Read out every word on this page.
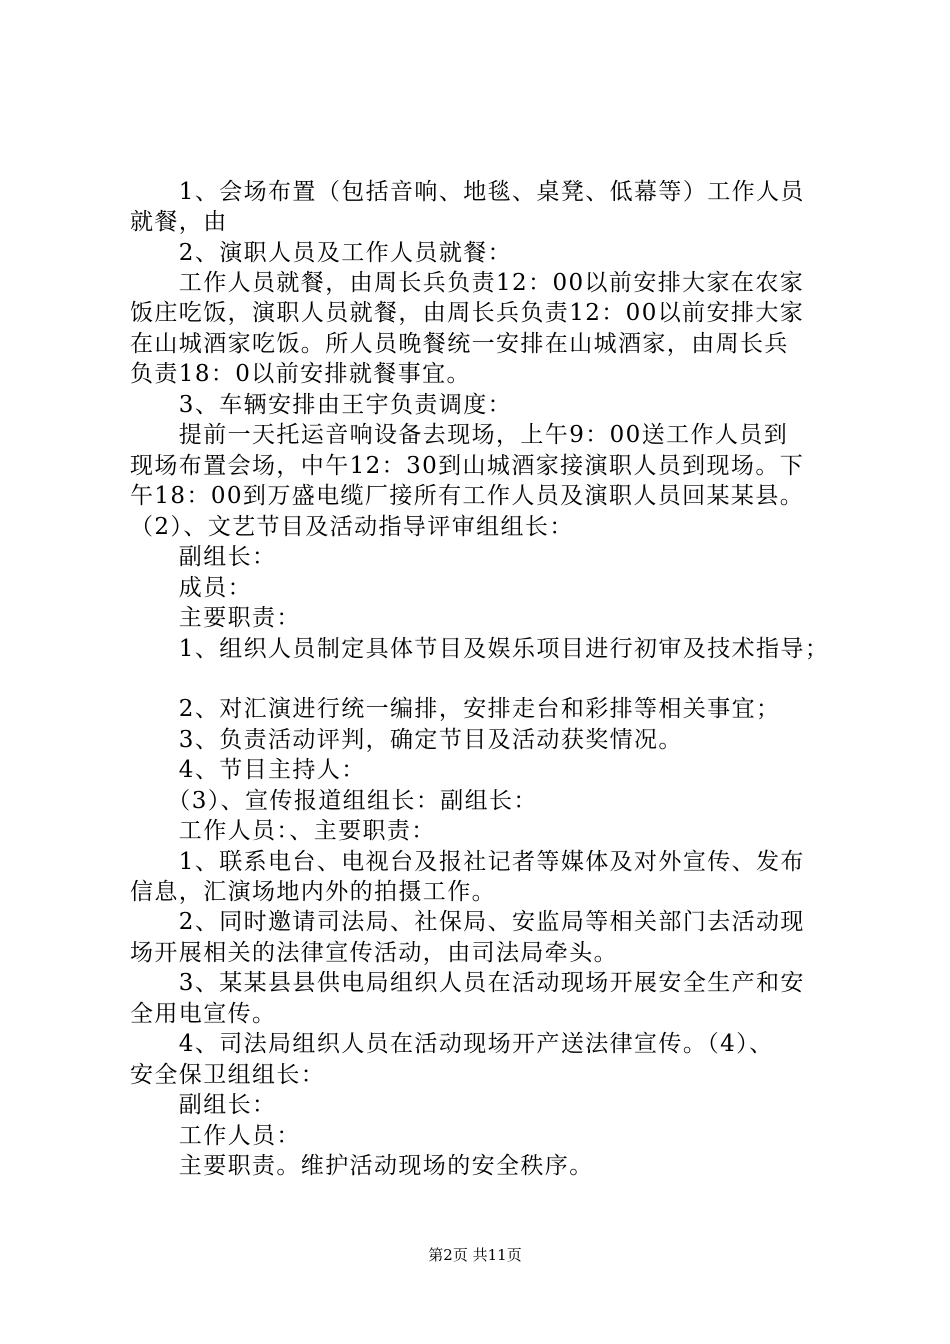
　　1、会场布置（包括音响、地毯、桌凳、低幕等）工作人员
就餐，由
　　2、演职人员及工作人员就餐：
　　工作人员就餐，由周长兵负责12：00以前安排大家在农家
饭庄吃饭，演职人员就餐，由周长兵负责12：00以前安排大家
在山城酒家吃饭。所人员晚餐统一安排在山城酒家，由周长兵
负责18：0以前安排就餐事宜。
　　3、车辆安排由王宇负责调度：
　　提前一天托运音响设备去现场，上午9：00送工作人员到
现场布置会场，中午12：30到山城酒家接演职人员到现场。下
午18：00到万盛电缆厂接所有工作人员及演职人员回某某县。
（2）、文艺节目及活动指导评审组组长：
　　副组长：
　　成员：
　　主要职责：
　　1、组织人员制定具体节目及娱乐项目进行初审及技术指导；
　　2、对汇演进行统一编排，安排走台和彩排等相关事宜；
　　3、负责活动评判，确定节目及活动获奖情况。
　　4、节目主持人：
　　（3）、宣传报道组组长：副组长：
　　工作人员：、主要职责：
　　1、联系电台、电视台及报社记者等媒体及对外宣传、发布
信息，汇演场地内外的拍摄工作。
　　2、同时邀请司法局、社保局、安监局等相关部门去活动现
场开展相关的法律宣传活动，由司法局牵头。
　　3、某某县县供电局组织人员在活动现场开展安全生产和安
全用电宣传。
　　4、司法局组织人员在活动现场开产送法律宣传。（4）、
安全保卫组组长：
　　副组长：
　　工作人员：
　　主要职责。维护活动现场的安全秩序。
第2页 共11页
